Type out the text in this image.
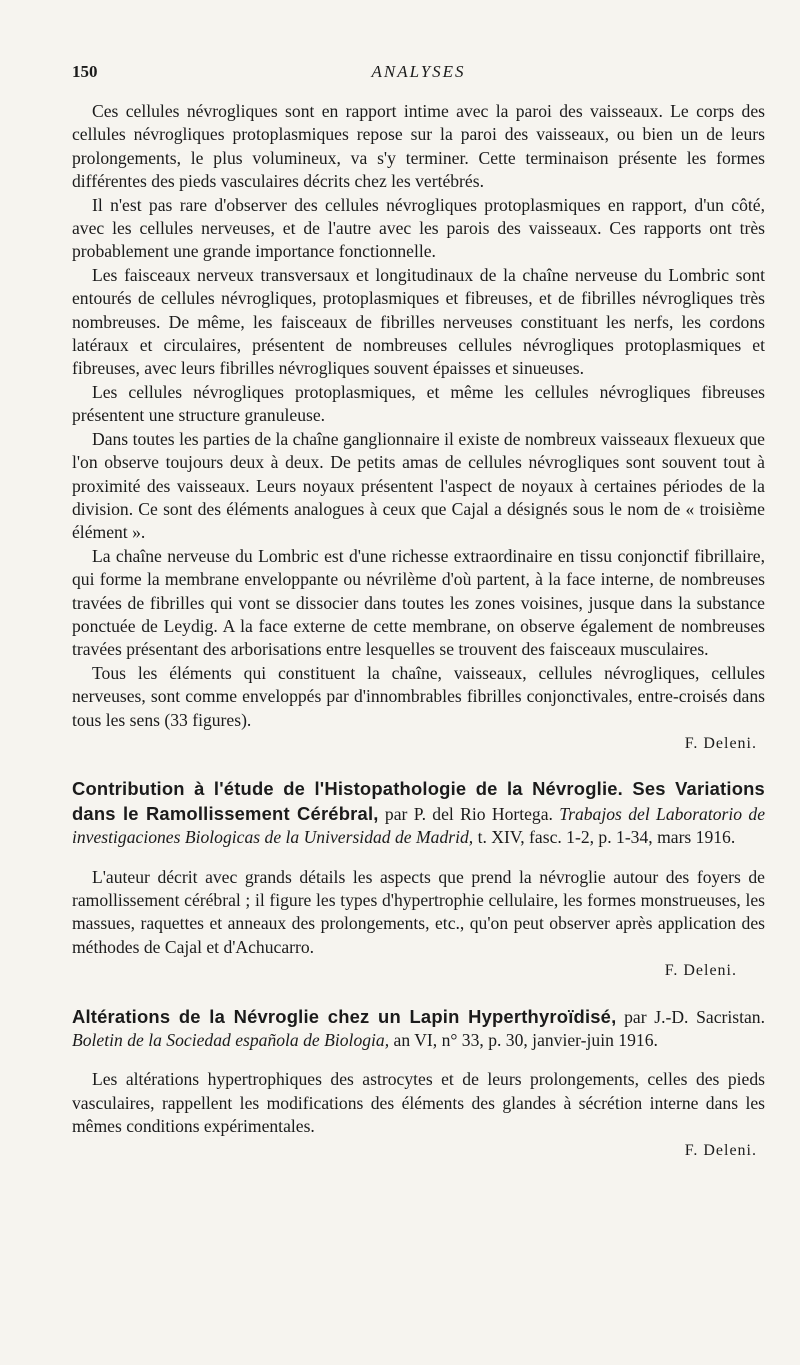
150	ANALYSES

Ces cellules névrogliques sont en rapport intime avec la paroi des vaisseaux. Le corps des cellules névrogliques protoplasmiques repose sur la paroi des vaisseaux, ou bien un de leurs prolongements, le plus volumineux, va s'y terminer. Cette terminaison présente les formes différentes des pieds vasculaires décrits chez les vertébrés.

Il n'est pas rare d'observer des cellules névrogliques protoplasmiques en rapport, d'un côté, avec les cellules nerveuses, et de l'autre avec les parois des vaisseaux. Ces rapports ont très probablement une grande importance fonctionnelle.

Les faisceaux nerveux transversaux et longitudinaux de la chaîne nerveuse du Lombric sont entourés de cellules névrogliques, protoplasmiques et fibreuses, et de fibrilles névrogliques très nombreuses. De même, les faisceaux de fibrilles nerveuses constituant les nerfs, les cordons latéraux et circulaires, présentent de nombreuses cellules névrogliques protoplasmiques et fibreuses, avec leurs fibrilles névrogliques souvent épaisses et sinueuses.

Les cellules névrogliques protoplasmiques, et même les cellules névrogliques fibreuses présentent une structure granuleuse.

Dans toutes les parties de la chaîne ganglionnaire il existe de nombreux vaisseaux flexueux que l'on observe toujours deux à deux. De petits amas de cellules névrogliques sont souvent tout à proximité des vaisseaux. Leurs noyaux présentent l'aspect de noyaux à certaines périodes de la division. Ce sont des éléments analogues à ceux que Cajal a désignés sous le nom de « troisième élément ».

La chaîne nerveuse du Lombric est d'une richesse extraordinaire en tissu conjonctif fibrillaire, qui forme la membrane enveloppante ou névrilème d'où partent, à la face interne, de nombreuses travées de fibrilles qui vont se dissocier dans toutes les zones voisines, jusque dans la substance ponctuée de Leydig. A la face externe de cette membrane, on observe également de nombreuses travées présentant des arborisations entre lesquelles se trouvent des faisceaux musculaires.

Tous les éléments qui constituent la chaîne, vaisseaux, cellules névrogliques, cellules nerveuses, sont comme enveloppés par d'innombrables fibrilles conjonctivales, entre-croisés dans tous les sens (33 figures).

F. Deleni.
Contribution à l'étude de l'Histopathologie de la Névroglie. Ses Variations dans le Ramollissement Cérébral, par P. del Rio Hortega. Trabajos del Laboratorio de investigaciones Biologicas de la Universidad de Madrid, t. XIV, fasc. 1-2, p. 1-34, mars 1916.

L'auteur décrit avec grands détails les aspects que prend la névroglie autour des foyers de ramollissement cérébral ; il figure les types d'hypertrophie cellulaire, les formes monstrueuses, les massues, raquettes et anneaux des prolongements, etc., qu'on peut observer après application des méthodes de Cajal et d'Achucarro.

F. Deleni.
Altérations de la Névroglie chez un Lapin Hyperthyroïdisé, par J.-D. Sacristan. Boletin de la Sociedad española de Biologia, an VI, n° 33, p. 30, janvier-juin 1916.

Les altérations hypertrophiques des astrocytes et de leurs prolongements, celles des pieds vasculaires, rappellent les modifications des éléments des glandes à sécrétion interne dans les mêmes conditions expérimentales.

F. Deleni.
